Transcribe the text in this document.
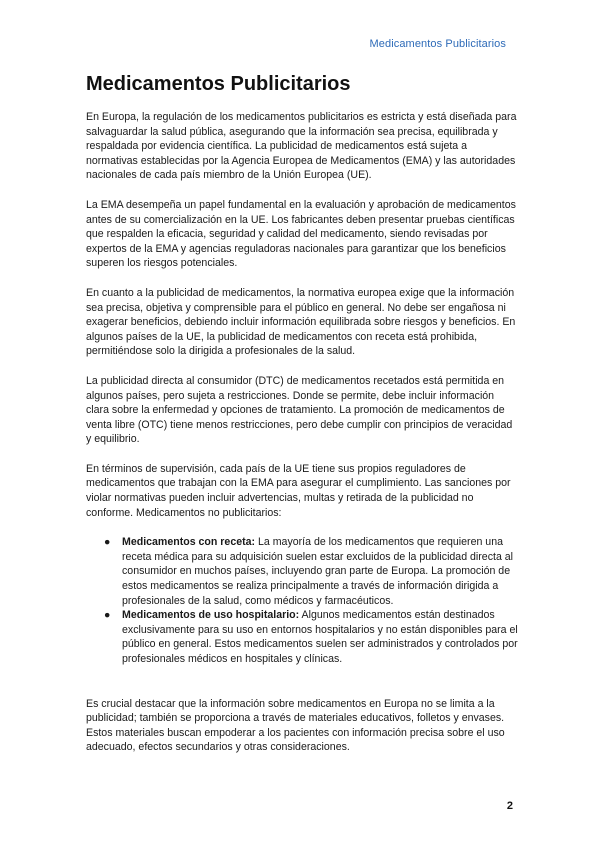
Medicamentos Publicitarios
Medicamentos Publicitarios

En Europa, la regulación de los medicamentos publicitarios es estricta y está diseñada para salvaguardar la salud pública, asegurando que la información sea precisa, equilibrada y respaldada por evidencia científica. La publicidad de medicamentos está sujeta a normativas establecidas por la Agencia Europea de Medicamentos (EMA) y las autoridades nacionales de cada país miembro de la Unión Europea (UE).

La EMA desempeña un papel fundamental en la evaluación y aprobación de medicamentos antes de su comercialización en la UE. Los fabricantes deben presentar pruebas científicas que respalden la eficacia, seguridad y calidad del medicamento, siendo revisadas por expertos de la EMA y agencias reguladoras nacionales para garantizar que los beneficios superen los riesgos potenciales.

En cuanto a la publicidad de medicamentos, la normativa europea exige que la información sea precisa, objetiva y comprensible para el público en general. No debe ser engañosa ni exagerar beneficios, debiendo incluir información equilibrada sobre riesgos y beneficios. En algunos países de la UE, la publicidad de medicamentos con receta está prohibida, permitiéndose solo la dirigida a profesionales de la salud.

La publicidad directa al consumidor (DTC) de medicamentos recetados está permitida en algunos países, pero sujeta a restricciones. Donde se permite, debe incluir información clara sobre la enfermedad y opciones de tratamiento. La promoción de medicamentos de venta libre (OTC) tiene menos restricciones, pero debe cumplir con principios de veracidad y equilibrio.

En términos de supervisión, cada país de la UE tiene sus propios reguladores de medicamentos que trabajan con la EMA para asegurar el cumplimiento. Las sanciones por violar normativas pueden incluir advertencias, multas y retirada de la publicidad no conforme. Medicamentos no publicitarios:

● Medicamentos con receta: La mayoría de los medicamentos que requieren una receta médica para su adquisición suelen estar excluidos de la publicidad directa al consumidor en muchos países, incluyendo gran parte de Europa. La promoción de estos medicamentos se realiza principalmente a través de información dirigida a profesionales de la salud, como médicos y farmacéuticos.
● Medicamentos de uso hospitalario: Algunos medicamentos están destinados exclusivamente para su uso en entornos hospitalarios y no están disponibles para el público en general. Estos medicamentos suelen ser administrados y controlados por profesionales médicos en hospitales y clínicas.

Es crucial destacar que la información sobre medicamentos en Europa no se limita a la publicidad; también se proporciona a través de materiales educativos, folletos y envases. Estos materiales buscan empoderar a los pacientes con información precisa sobre el uso adecuado, efectos secundarios y otras consideraciones.

2
